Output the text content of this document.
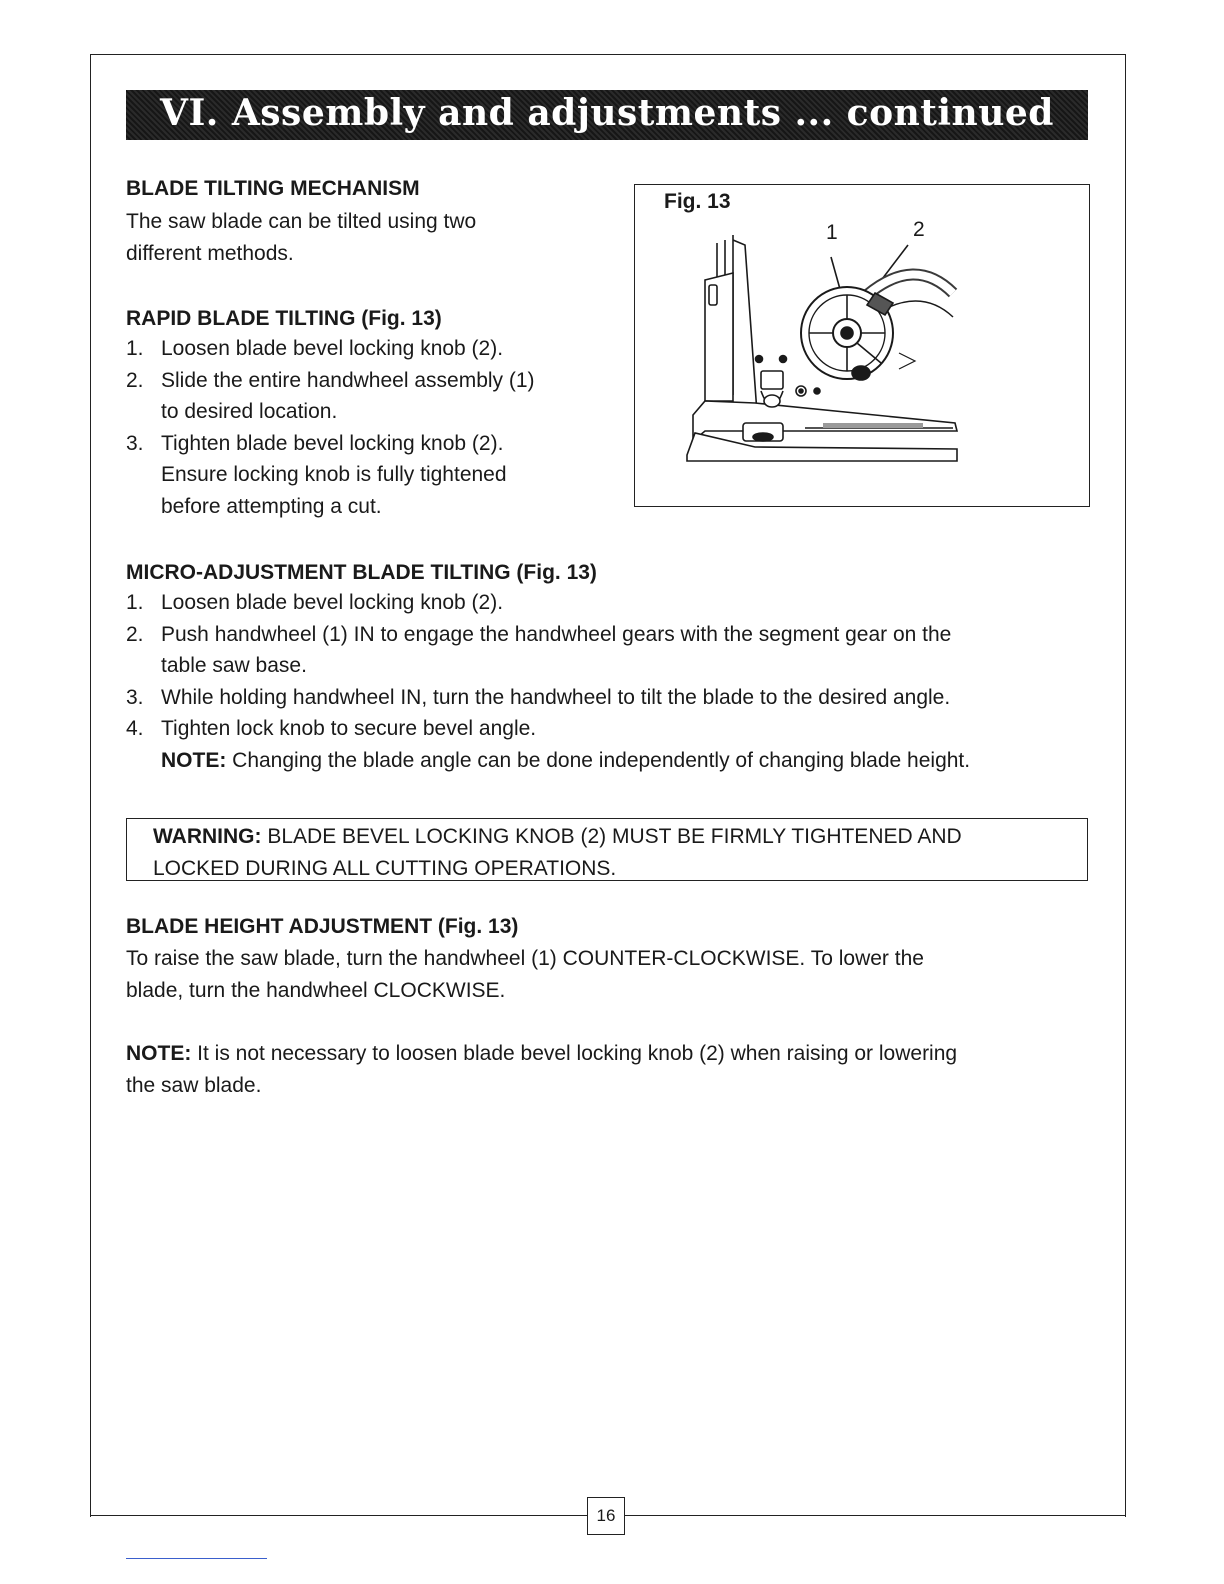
16
VI. Assembly and adjustments ... continued
BLADE TILTING MECHANISM

The saw blade can be tilted using two
different methods.

RAPID BLADE TILTING (Fig. 13)
1. Loosen blade bevel locking knob (2).
2. Slide the entire handwheel assembly (1)
to desired location.
3. Tighten blade bevel locking knob (2).
Ensure locking knob is fully tightened
before attempting a cut.
Fig. 13
1	2
MICRO-ADJUSTMENT BLADE TILTING (Fig. 13)
1. Loosen blade bevel locking knob (2).
2. Push handwheel (1) IN to engage the handwheel gears with the segment gear on the
table saw base.
3. While holding handwheel IN, turn the handwheel to tilt the blade to the desired angle.
4. Tighten lock knob to secure bevel angle.
NOTE: Changing the blade angle can be done independently of changing blade height.
WARNING: BLADE BEVEL LOCKING KNOB (2) MUST BE FIRMLY TIGHTENED AND
LOCKED DURING ALL CUTTING OPERATIONS.
BLADE HEIGHT ADJUSTMENT (Fig. 13)

To raise the saw blade, turn the handwheel (1) COUNTER-CLOCKWISE. To lower the
blade, turn the handwheel CLOCKWISE.

NOTE: It is not necessary to loosen blade bevel locking knob (2) when raising or lowering
the saw blade.
